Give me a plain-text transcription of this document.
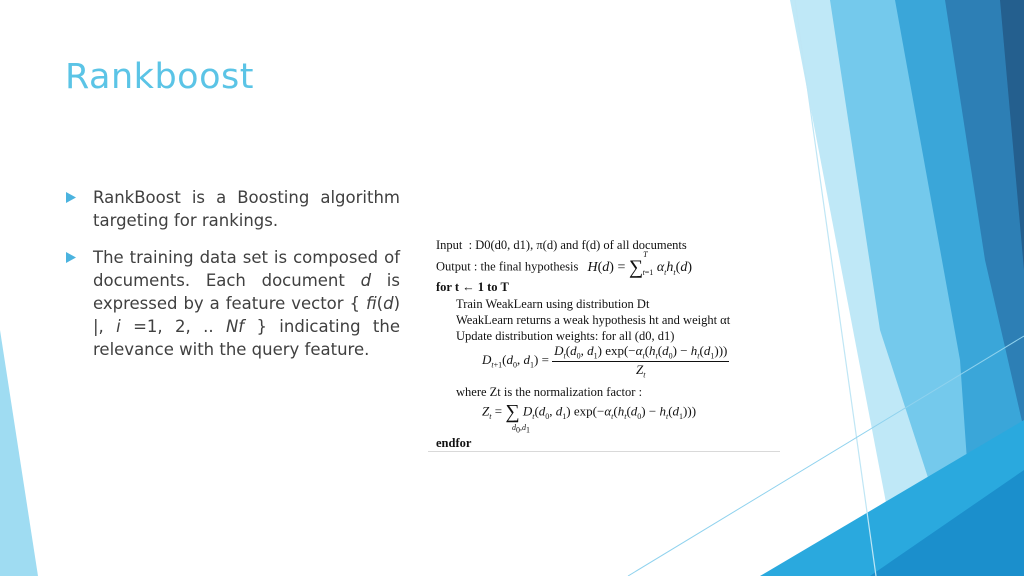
Rankboost
RankBoost is a Boosting algorithm targeting for rankings.
The training data set is composed of documents. Each document d is expressed by a feature vector { fi(d) |, i =1, 2, .. Nf } indicating the relevance with the query feature.
Input : D0(d0, d1), π(d) and f(d) of all documents
Output : the final hypothesis H(d) = ∑$^T_{t=1}$ $\alpha_th_t(d)$
for t ← 1 to T
Train WeakLearn using distribution Dt
WeakLearn returns a weak hypothesis ht and weight αt
Update distribution weights: for all (d0, d1)
$D_{t+1}(d_0$, $d_1) = \frac{D_t(d_0, d_1) \exp(-\alpha_t(h_t(d_0) - h_t(d_1)))}{Z_t}$
where Zt is the normalization factor :
$Z_t$ = ∑ $D_t(d_0$, $d_1$) $\exp(-\alpha_t(h_t(d_0) - h_t(d_1)))$
$d_0,d_1$
endfor
